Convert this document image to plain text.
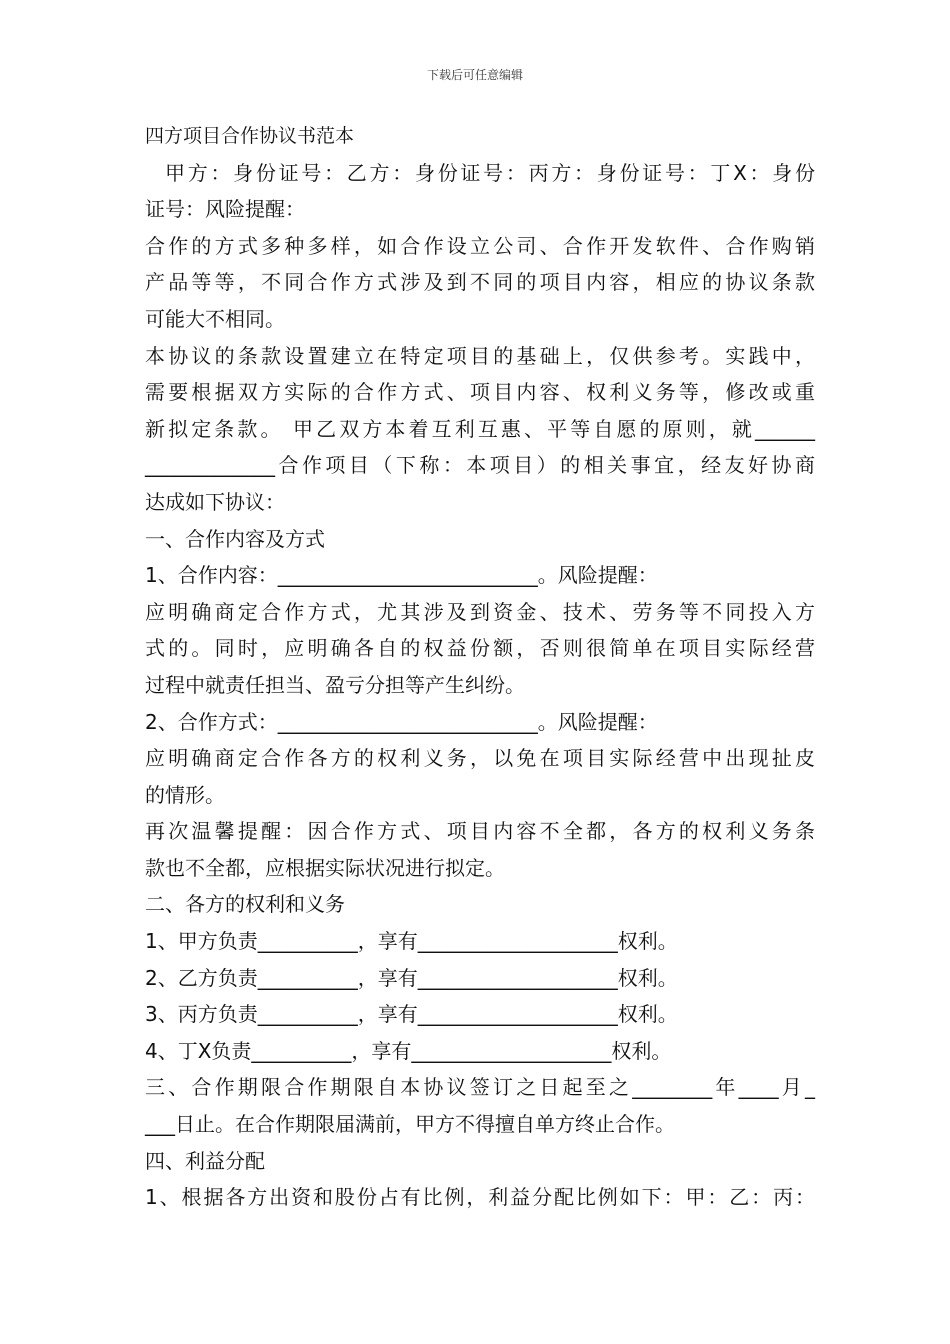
下载后可任意编辑
四方项目合作协议书范本
甲方：身份证号：乙方：身份证号：丙方：身份证号：丁X：身份
证号：风险提醒：
合作的方式多种多样，如合作设立公司、合作开发软件、合作购销
产品等等，不同合作方式涉及到不同的项目内容，相应的协议条款
可能大不相同。
本协议的条款设置建立在特定项目的基础上，仅供参考。实践中，
需要根据双方实际的合作方式、项目内容、权利义务等，修改或重
新拟定条款。 甲乙双方本着互利互惠、平等自愿的原则，就______
_____________合作项目（下称：本项目）的相关事宜，经友好协商
达成如下协议：
一、合作内容及方式
1、合作内容：__________________________。风险提醒：
应明确商定合作方式，尤其涉及到资金、技术、劳务等不同投入方
式的。同时，应明确各自的权益份额，否则很简单在项目实际经营
过程中就责任担当、盈亏分担等产生纠纷。
2、合作方式：__________________________。风险提醒：
应明确商定合作各方的权利义务，以免在项目实际经营中出现扯皮
的情形。
再次温馨提醒：因合作方式、项目内容不全都，各方的权利义务条
款也不全都，应根据实际状况进行拟定。
二、各方的权利和义务
1、甲方负责__________，享有____________________权利。
2、乙方负责__________，享有____________________权利。
3、丙方负责__________，享有____________________权利。
4、丁X负责__________，享有____________________权利。
三、合作期限合作期限自本协议签订之日起至之________年____月_
___日止。在合作期限届满前，甲方不得擅自单方终止合作。
四、利益分配
1、根据各方出资和股份占有比例，利益分配比例如下：甲：乙：丙：
